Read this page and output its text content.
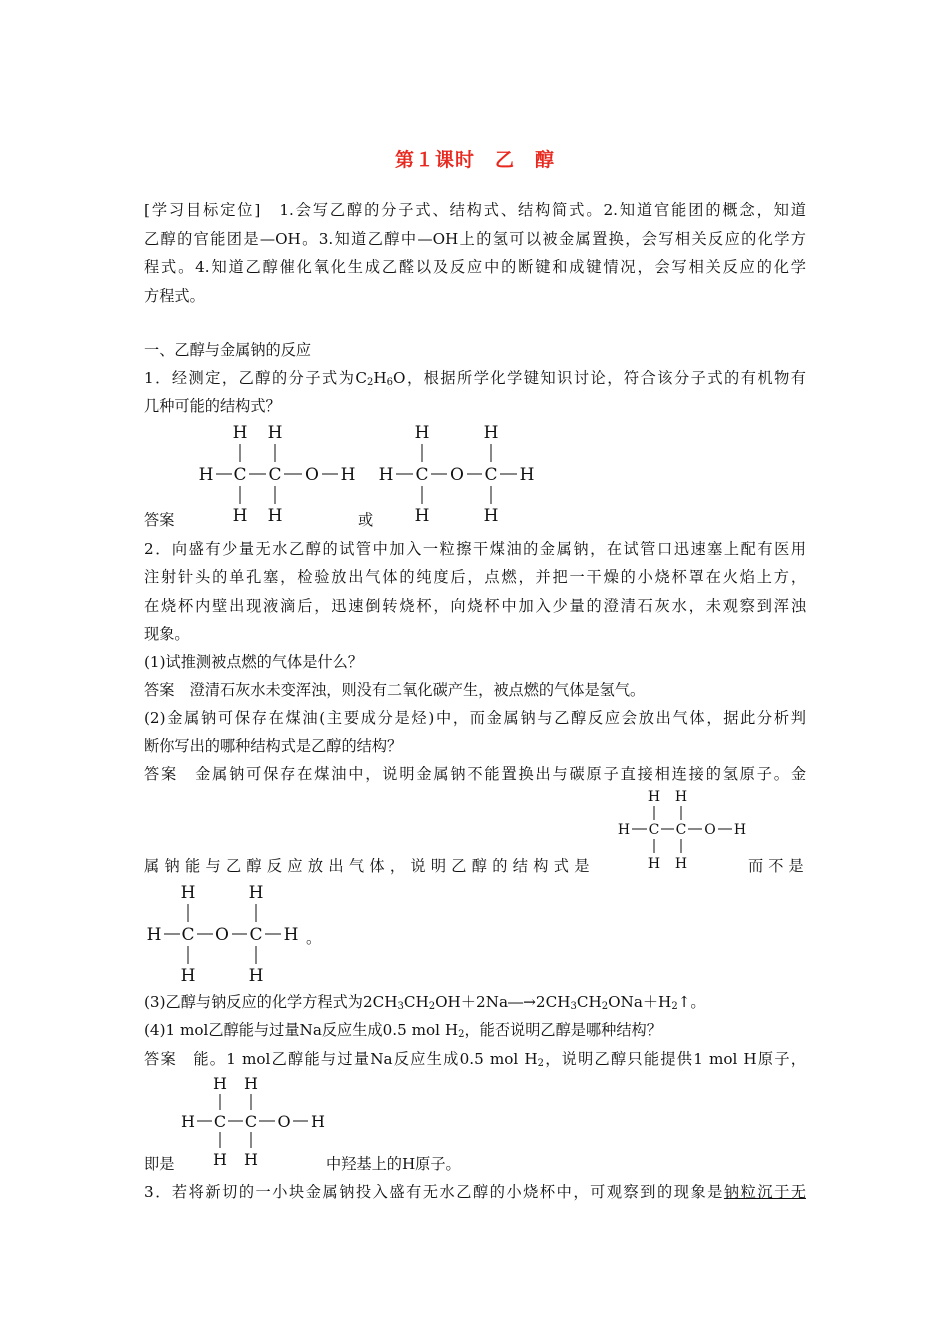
第１课时　乙　醇
[学习目标定位]　1.会写乙醇的分子式、结构式、结构简式。2.知道官能团的概念，知道
乙醇的官能团是—OH。3.知道乙醇中—OH上的氢可以被金属置换，会写相关反应的化学方
程式。4.知道乙醇催化氧化生成乙醛以及反应中的断键和成键情况，会写相关反应的化学
方程式。
一、乙醇与金属钠的反应
1．经测定，乙醇的分子式为$C_2H_6O$，根据所学化学键知识讨论，符合该分子式的有机物有
几种可能的结构式？
H H
H C C O H
H H
答案	或
H	H
H C O C H
H	H
2．向盛有少量无水乙醇的试管中加入一粒擦干煤油的金属钠，在试管口迅速塞上配有医用
注射针头的单孔塞，检验放出气体的纯度后，点燃，并把一干燥的小烧杯罩在火焰上方，
在烧杯内壁出现液滴后，迅速倒转烧杯，向烧杯中加入少量的澄清石灰水，未观察到浑浊
现象。
(1)试推测被点燃的气体是什么？
答案　澄清石灰水未变浑浊，则没有二氧化碳产生，被点燃的气体是氢气。
(2)金属钠可保存在煤油(主要成分是烃)中，而金属钠与乙醇反应会放出气体，据此分析判
断你写出的哪种结构式是乙醇的结构？
答案　金属钠可保存在煤油中，说明金属钠不能置换出与碳原子直接相连接的氢原子。金
H H
H C C O H
H H
属钠能与乙醇反应放出气体，说明乙醇的结构式是	而不是
H	H
H C O C H
H	H
。
(3)乙醇与钠反应的化学方程式为$2CH_3CH_2OH+2Na―\to 2CH_3CH_2ONa+H_2↑$。
(4)1 mol乙醇能与过量Na反应生成0.5 mol $H_2$，能否说明乙醇是哪种结构？
答案　能。1 mol乙醇能与过量Na反应生成0.5 mol $H_2$，说明乙醇只能提供1 mol H原子，
H H
H C C O H
H H
即是	中羟基上的H原子。
3．若将新切的一小块金属钠投入盛有无水乙醇的小烧杯中，可观察到的现象是钠粒沉于无
